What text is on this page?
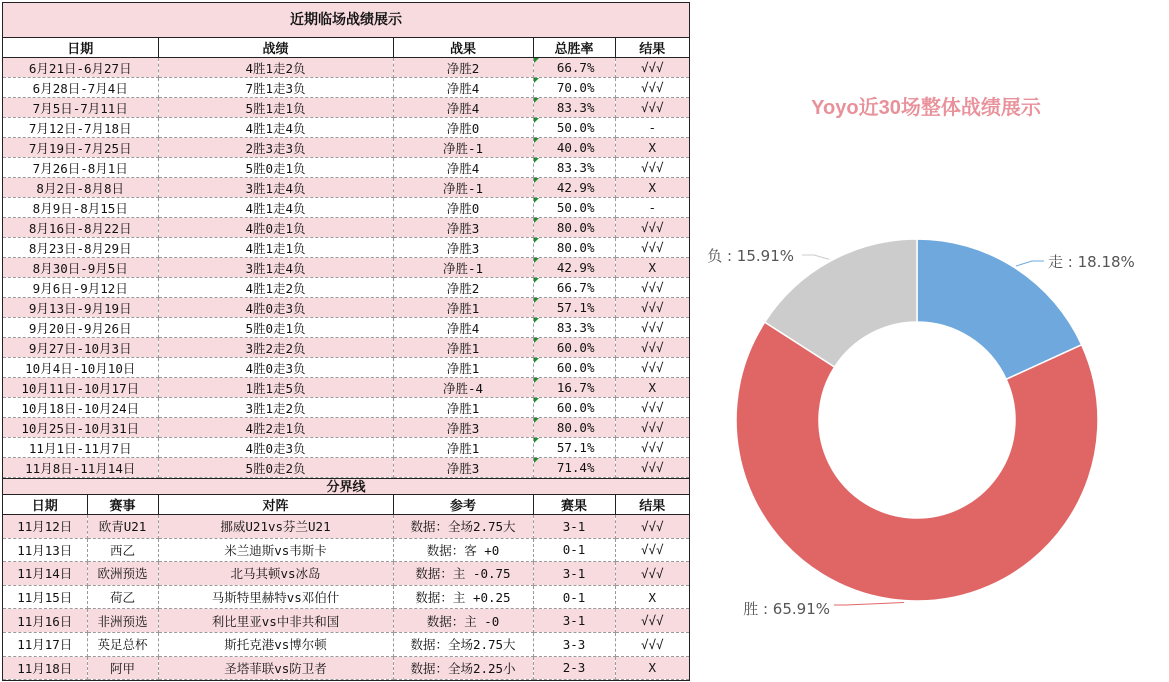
近期临场战绩展示
日期	战绩	战果	总胜率	结果
6月21日-6月27日	4胜1走2负	净胜2	66.7%	√√√
6月28日-7月4日	7胜1走3负	净胜4	70.0%	√√√
7月5日-7月11日	5胜1走1负	净胜4	83.3%	√√√
7月12日-7月18日	4胜1走4负	净胜0	50.0%	-
7月19日-7月25日	2胜3走3负	净胜-1	40.0%	X
7月26日-8月1日	5胜0走1负	净胜4	83.3%	√√√
8月2日-8月8日	3胜1走4负	净胜-1	42.9%	X
8月9日-8月15日	4胜1走4负	净胜0	50.0%	-
8月16日-8月22日	4胜0走1负	净胜3	80.0%	√√√
8月23日-8月29日	4胜1走1负	净胜3	80.0%	√√√
8月30日-9月5日	3胜1走4负	净胜-1	42.9%	X
9月6日-9月12日	4胜1走2负	净胜2	66.7%	√√√
9月13日-9月19日	4胜0走3负	净胜1	57.1%	√√√
9月20日-9月26日	5胜0走1负	净胜4	83.3%	√√√
9月27日-10月3日	3胜2走2负	净胜1	60.0%	√√√
10月4日-10月10日	4胜0走3负	净胜1	60.0%	√√√
10月11日-10月17日	1胜1走5负	净胜-4	16.7%	X
10月18日-10月24日	3胜1走2负	净胜1	60.0%	√√√
10月25日-10月31日	4胜2走1负	净胜3	80.0%	√√√
11月1日-11月7日	4胜0走3负	净胜1	57.1%	√√√
11月8日-11月14日	5胜0走2负	净胜3	71.4%	√√√
分界线
日期	赛事	对阵	参考	赛果	结果
11月12日	欧青U21	挪威U21vs芬兰U21	数据：全场2.75大	3-1	√√√
11月13日	西乙	米兰迪斯vs韦斯卡	数据：客 +0	0-1	√√√
11月14日	欧洲预选	北马其顿vs冰岛	数据：主 -0.75	3-1	√√√
11月15日	荷乙	马斯特里赫特vs邓伯什	数据：主 +0.25	0-1	X
11月16日	非洲预选	利比里亚vs中非共和国	数据：主 -0	3-1	√√√
11月17日	英足总杯	斯托克港vs博尔顿	数据：全场2.75大	3-3	√√√
11月18日	阿甲	圣塔菲联vs防卫者	数据：全场2.25小	2-3	X
Yoyo近30场整体战绩展示
走 : 18.18%
胜 : 65.91%
负 : 15.91%
